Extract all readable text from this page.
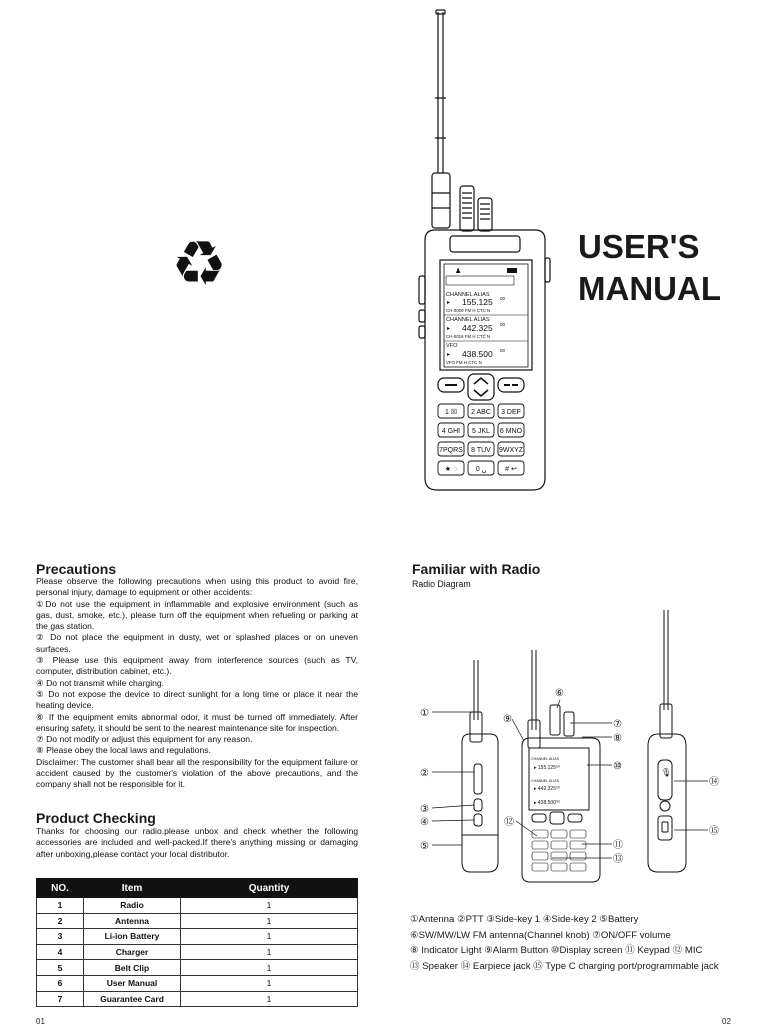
♻	♟
CHANNEL ALIAS
▸ 155.125 00
CH-0009 FM H CTC N
CHANNEL ALIAS
▸ 442.325 00
CH-0016 FM H CTC N
VFO
▸ 438.500 00
VFO FM H CTC N
1 ☒ 2 ABC 3 DEF
4 GHI 5 JKL 6 MNO
7PQRS 8 TUV 9WXYZ
★ ◌	0 ␣	# ↩
USER'S
MANUAL
Precautions

Please observe the following precautions when using this product to avoid fire, personal injury, damage to equipment or other accidents:

①Do not use the equipment in inflammable and explosive environment (such as gas, dust, smoke, etc.), please turn off the equipment when refueling or parking at the gas station.

② Do not place the equipment in dusty, wet or splashed places or on uneven surfaces.

③ Please use this equipment away from interference sources (such as TV, computer, distribution cabinet, etc.).

④ Do not transmit while charging.

⑤ Do not expose the device to direct sunlight for a long time or place it near the heating device.

⑥ If the equipment emits abnormal odor, it must be turned off immediately. After ensuring safety, it should be sent to the nearest maintenance site for inspection.

⑦ Do not modify or adjust this equipment for any reason.

⑧ Please obey the local laws and regulations.

Disclaimer: The customer shall bear all the responsibility for the equipment failure or accident caused by the customer's violation of the above precautions, and the company shall not be responsible for it.

Product Checking
Thanks for choosing our radio.please unbox and check whether the following accessories are included and well-packed.If there's anything missing or damaging after unboxing,please contact your local distributor.
NO.	Item	Quantity
1	Radio	1
2	Antenna	1
3	Li-ion Battery	1
4	Charger	1
5	Belt Clip	1
6	User Manual	1
7	Guarantee Card	1
Familiar with Radio
Radio Diagram
CHANNEL ALIAS
▸ 155.125⁰⁰
CHANNEL ALIAS
▸ 442.325⁰⁰
▸ 438.500⁰⁰
🎙
①
②
③
④
⑤
⑥
⑦
⑧
⑨
⑩
⑪
⑫
⑬
⑭
⑮
①Antenna ②PTT ③Side-key 1 ④Side-key 2 ⑤Battery
⑥SW/MW/LW FM antenna(Channel knob) ⑦ON/OFF volume
⑧ Indicator Light ⑨Alarm Button ⑩Display screen ⑪ Keypad ⑫ MIC
⑬ Speaker ⑭ Earpiece jack ⑮ Type C charging port/programmable jack
01	02
